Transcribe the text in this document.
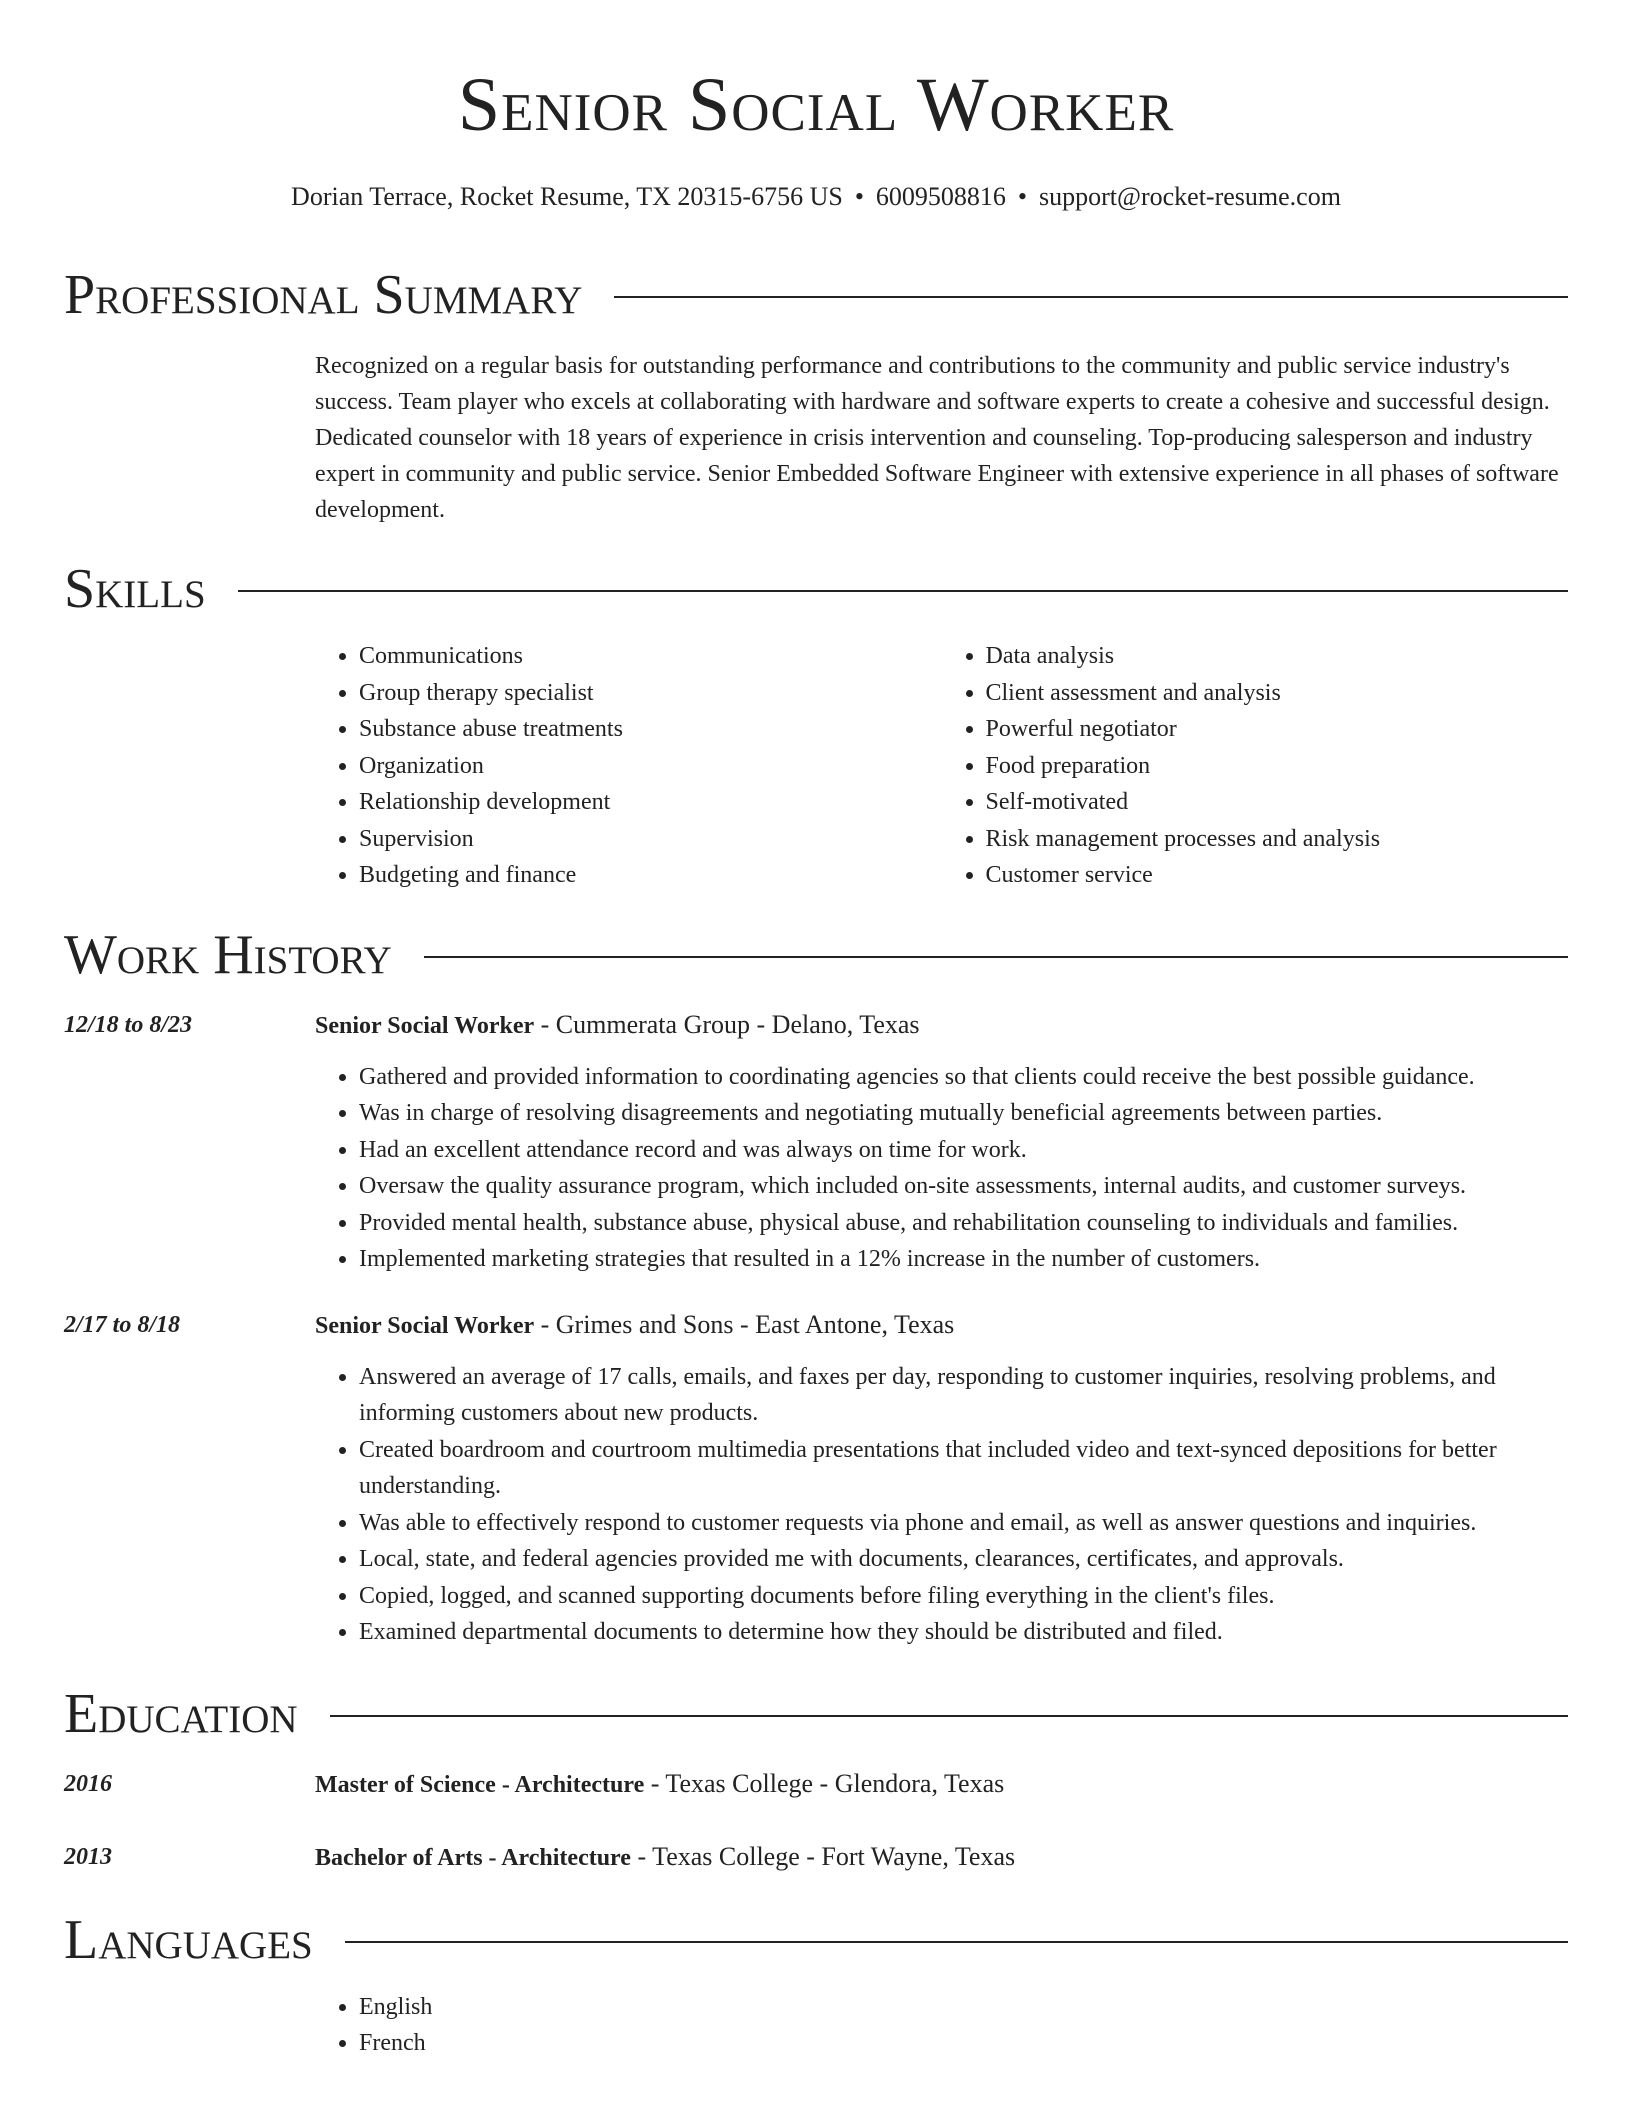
Senior Social Worker
Dorian Terrace, Rocket Resume, TX 20315-6756 US • 6009508816 • support@rocket-resume.com
Professional Summary

Recognized on a regular basis for outstanding performance and contributions to the community and public service industry's success. Team player who excels at collaborating with hardware and software experts to create a cohesive and successful design. Dedicated counselor with 18 years of experience in crisis intervention and counseling. Top-producing salesperson and industry expert in community and public service. Senior Embedded Software Engineer with extensive experience in all phases of software development.

Skills
• Communications
• Group therapy specialist
• Substance abuse treatments
• Organization
• Relationship development
• Supervision
• Budgeting and finance
• Data analysis
• Client assessment and analysis
• Powerful negotiator
• Food preparation
• Self-motivated
• Risk management processes and analysis
• Customer service
Work History
12/18 to 8/23	Senior Social Worker - Cummerata Group - Delano, Texas
• Gathered and provided information to coordinating agencies so that clients could receive the best possible guidance.
• Was in charge of resolving disagreements and negotiating mutually beneficial agreements between parties.
• Had an excellent attendance record and was always on time for work.
• Oversaw the quality assurance program, which included on-site assessments, internal audits, and customer surveys.
• Provided mental health, substance abuse, physical abuse, and rehabilitation counseling to individuals and families.
• Implemented marketing strategies that resulted in a 12% increase in the number of customers.
2/17 to 8/18	Senior Social Worker - Grimes and Sons - East Antone, Texas
• Answered an average of 17 calls, emails, and faxes per day, responding to customer inquiries, resolving problems, and informing customers about new products.
• Created boardroom and courtroom multimedia presentations that included video and text-synced depositions for better understanding.
• Was able to effectively respond to customer requests via phone and email, as well as answer questions and inquiries.
• Local, state, and federal agencies provided me with documents, clearances, certificates, and approvals.
• Copied, logged, and scanned supporting documents before filing everything in the client's files.
• Examined departmental documents to determine how they should be distributed and filed.
Education
2016	Master of Science - Architecture - Texas College - Glendora, Texas
2013	Bachelor of Arts - Architecture - Texas College - Fort Wayne, Texas
Languages
• English
• French
